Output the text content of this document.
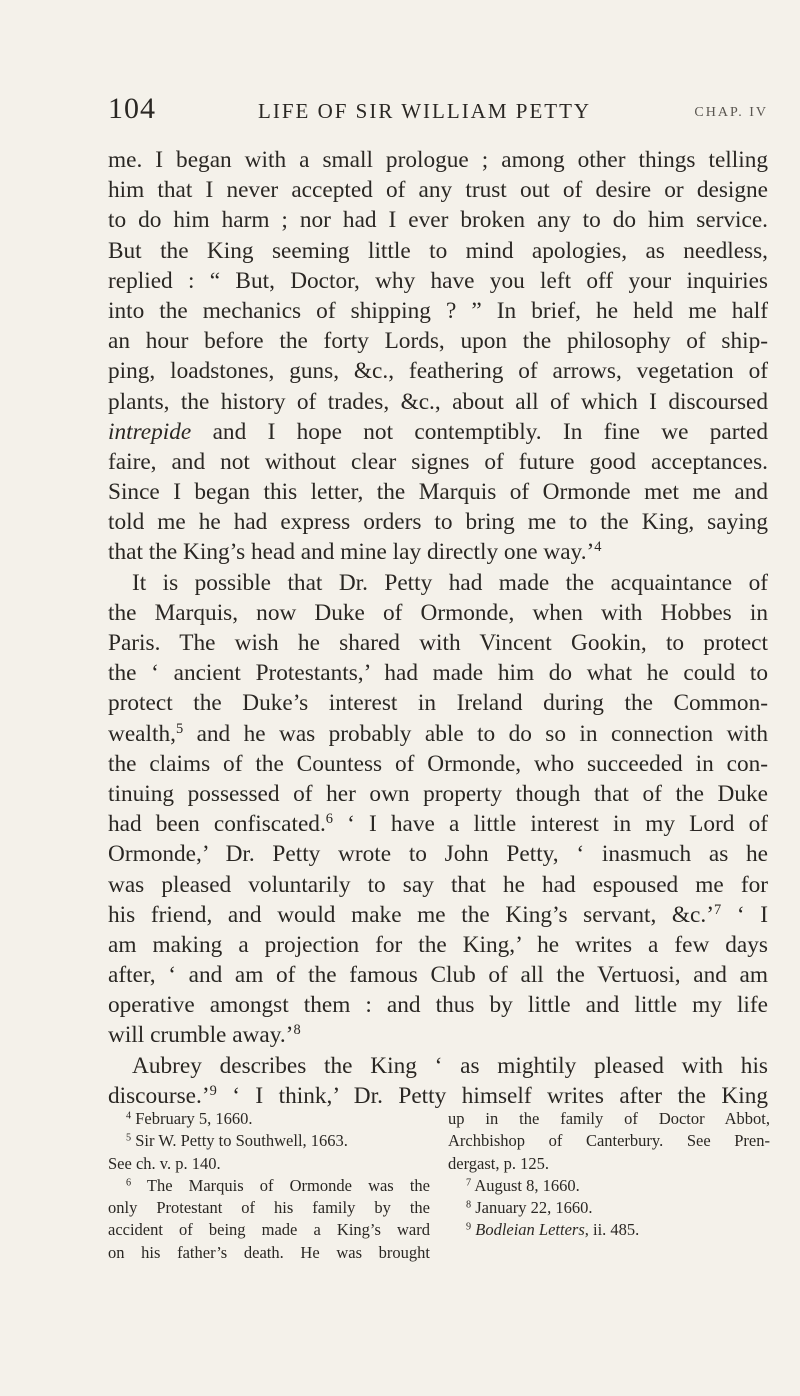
104	LIFE OF SIR WILLIAM PETTY	CHAP. IV
me. I began with a small prologue ; among other things telling
him that I never accepted of any trust out of desire or designe
to do him harm ; nor had I ever broken any to do him service.
But the King seeming little to mind apologies, as needless,
replied : “ But, Doctor, why have you left off your inquiries
into the mechanics of shipping ? ” In brief, he held me half
an hour before the forty Lords, upon the philosophy of ship-
ping, loadstones, guns, &c., feathering of arrows, vegetation of
plants, the history of trades, &c., about all of which I discoursed
intrepide and I hope not contemptibly. In fine we parted
faire, and not without clear signes of future good acceptances.
Since I began this letter, the Marquis of Ormonde met me and
told me he had express orders to bring me to the King, saying
that the King’s head and mine lay directly one way.’$^4$
It is possible that Dr. Petty had made the acquaintance of
the Marquis, now Duke of Ormonde, when with Hobbes in
Paris. The wish he shared with Vincent Gookin, to protect
the ‘ ancient Protestants,’ had made him do what he could to
protect the Duke’s interest in Ireland during the Common-
wealth,$^5$ and he was probably able to do so in connection with
the claims of the Countess of Ormonde, who succeeded in con-
tinuing possessed of her own property though that of the Duke
had been confiscated.$^6$ ‘ I have a little interest in my Lord of
Ormonde,’ Dr. Petty wrote to John Petty, ‘ inasmuch as he
was pleased voluntarily to say that he had espoused me for
his friend, and would make me the King’s servant, &c.’$^7$ ‘ I
am making a projection for the King,’ he writes a few days
after, ‘ and am of the famous Club of all the Vertuosi, and am
operative amongst them : and thus by little and little my life
will crumble away.’$^8$
Aubrey describes the King ‘ as mightily pleased with his
discourse.’$^9$ ‘ I think,’ Dr. Petty himself writes after the King
$^4$ February 5, 1660.
$^5$ Sir W. Petty to Southwell, 1663.
See ch. v. p. 140.
$^6$ The Marquis of Ormonde was the
only Protestant of his family by the
accident of being made a King’s ward
on his father’s death. He was brought
up in the family of Doctor Abbot,
Archbishop of Canterbury. See Pren-
dergast, p. 125.
$^7$ August 8, 1660.
$^8$ January 22, 1660.
$^9$ Bodleian Letters, ii. 485.
